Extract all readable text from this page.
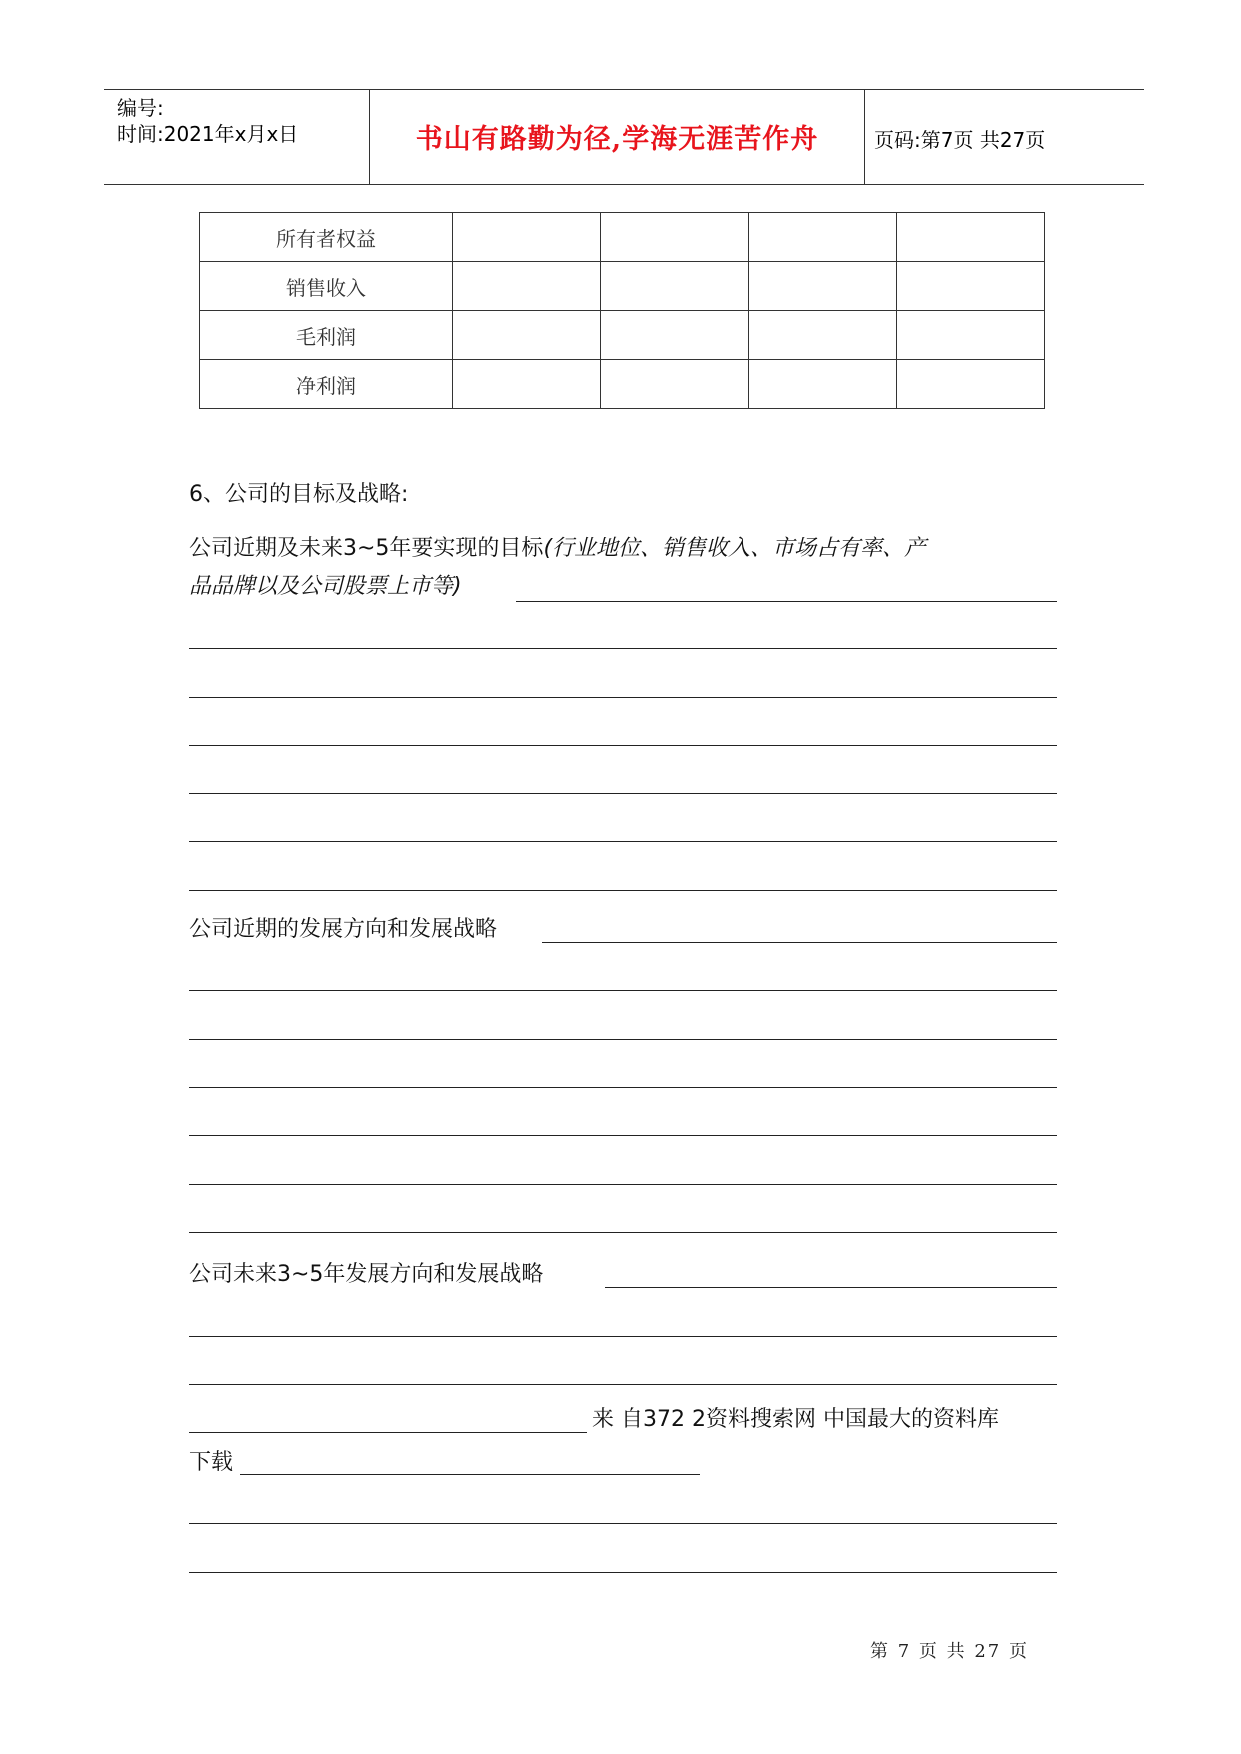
编号:
时间:2021年x月x日	书山有路勤为径,学海无涯苦作舟	页码:第7页 共27页
所有者权益				
销售收入				
毛利润				
净利润				
6、公司的目标及战略:
公司近期及未来3~5年要实现的目标(行业地位、销售收入、市场占有率、产
品品牌以及公司股票上市等)
公司近期的发展方向和发展战略
公司未来3~5年发展方向和发展战略
来 自372 2资料搜索网 中国最大的资料库
下载
第 7 页 共 27 页
